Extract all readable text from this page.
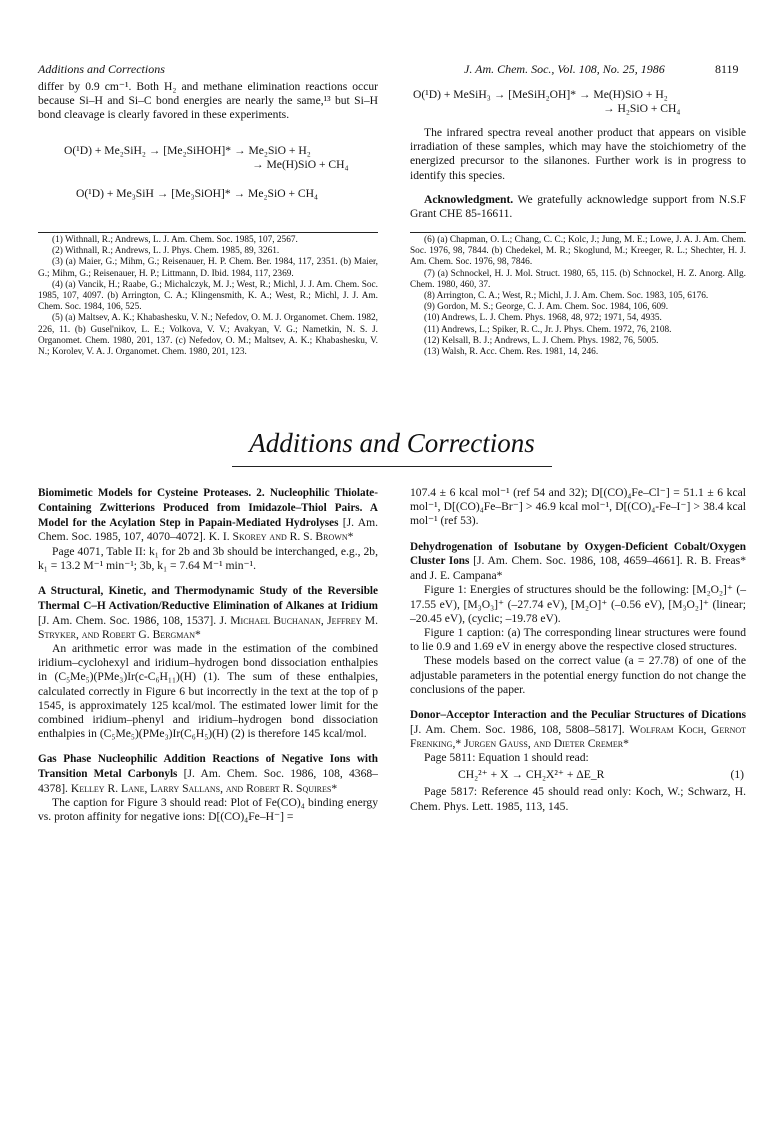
Additions and Corrections	J. Am. Chem. Soc., Vol. 108, No. 25, 1986	8119

differ by 0.9 cm⁻¹. Both H₂ and methane elimination reactions occur because Si–H and Si–C bond energies are nearly the same,¹³ but Si–H bond cleavage is clearly favored in these experiments.

O(¹D) + Me₂SiH₂ → [Me₂SiHOH]* → Me₂SiO + H₂
→ Me(H)SiO + CH₄
O(¹D) + Me₃SiH → [Me₃SiOH]* → Me₂SiO + CH₄
O(¹D) + MeSiH₃ → [MeSiH₂OH]* → Me(H)SiO + H₂
→ H₂SiO + CH₄

The infrared spectra reveal another product that appears on visible irradiation of these samples, which may have the stoichiometry of the energized precursor to the silanones. Further work is in progress to identify this species.

Acknowledgment. We gratefully acknowledge support from N.S.F Grant CHE 85-16611.

(1) Withnall, R.; Andrews, L. J. Am. Chem. Soc. 1985, 107, 2567.

(2) Withnall, R.; Andrews, L. J. Phys. Chem. 1985, 89, 3261.

(3) (a) Maier, G.; Mihm, G.; Reisenauer, H. P. Chem. Ber. 1984, 117, 2351. (b) Maier, G.; Mihm, G.; Reisenauer, H. P.; Littmann, D. Ibid. 1984, 117, 2369.

(4) (a) Vancik, H.; Raabe, G.; Michalczyk, M. J.; West, R.; Michl, J. J. Am. Chem. Soc. 1985, 107, 4097. (b) Arrington, C. A.; Klingensmith, K. A.; West, R.; Michl, J. J. Am. Chem. Soc. 1984, 106, 525.

(5) (a) Maltsev, A. K.; Khabashesku, V. N.; Nefedov, O. M. J. Organomet. Chem. 1982, 226, 11. (b) Gusel'nikov, L. E.; Volkova, V. V.; Avakyan, V. G.; Nametkin, N. S. J. Organomet. Chem. 1980, 201, 137. (c) Nefedov, O. M.; Maltsev, A. K.; Khabashesku, V. N.; Korolev, V. A. J. Organomet. Chem. 1980, 201, 123.

(6) (a) Chapman, O. L.; Chang, C. C.; Kolc, J.; Jung, M. E.; Lowe, J. A. J. Am. Chem. Soc. 1976, 98, 7844. (b) Chedekel, M. R.; Skoglund, M.; Kreeger, R. L.; Shechter, H. J. Am. Chem. Soc. 1976, 98, 7846.

(7) (a) Schnockel, H. J. Mol. Struct. 1980, 65, 115. (b) Schnockel, H. Z. Anorg. Allg. Chem. 1980, 460, 37.

(8) Arrington, C. A.; West, R.; Michl, J. J. Am. Chem. Soc. 1983, 105, 6176.

(9) Gordon, M. S.; George, C. J. Am. Chem. Soc. 1984, 106, 609.

(10) Andrews, L. J. Chem. Phys. 1968, 48, 972; 1971, 54, 4935.

(11) Andrews, L.; Spiker, R. C., Jr. J. Phys. Chem. 1972, 76, 2108.

(12) Kelsall, B. J.; Andrews, L. J. Chem. Phys. 1982, 76, 5005.

(13) Walsh, R. Acc. Chem. Res. 1981, 14, 246.

Additions and Corrections

Biomimetic Models for Cysteine Proteases. 2. Nucleophilic Thiolate-Containing Zwitterions Produced from Imidazole–Thiol Pairs. A Model for the Acylation Step in Papain-Mediated Hydrolyses [J. Am. Chem. Soc. 1985, 107, 4070–4072]. K. I. Skorey and R. S. Brown*

Page 4071, Table II: k₁ for 2b and 3b should be interchanged, e.g., 2b, k₁ = 13.2 M⁻¹ min⁻¹; 3b, k₁ = 7.64 M⁻¹ min⁻¹.

A Structural, Kinetic, and Thermodynamic Study of the Reversible Thermal C–H Activation/Reductive Elimination of Alkanes at Iridium [J. Am. Chem. Soc. 1986, 108, 1537]. J. Michael Buchanan, Jeffrey M. Stryker, and Robert G. Bergman*

An arithmetic error was made in the estimation of the combined iridium–cyclohexyl and iridium–hydrogen bond dissociation enthalpies in (C₅Me₅)(PMe₃)Ir(c-C₆H₁₁)(H) (1). The sum of these enthalpies, calculated correctly in Figure 6 but incorrectly in the text at the top of p 1545, is approximately 125 kcal/mol. The estimated lower limit for the combined iridium–phenyl and iridium–hydrogen bond dissociation enthalpies in (C₅Me₅)(PMe₃)Ir(C₆H₅)(H) (2) is therefore 145 kcal/mol.

Gas Phase Nucleophilic Addition Reactions of Negative Ions with Transition Metal Carbonyls [J. Am. Chem. Soc. 1986, 108, 4368–4378]. Kelley R. Lane, Larry Sallans, and Robert R. Squires*

The caption for Figure 3 should read: Plot of Fe(CO)₄ binding energy vs. proton affinity for negative ions: D[(CO)₄Fe–H⁻] =

107.4 ± 6 kcal mol⁻¹ (ref 54 and 32); D[(CO)₄Fe–Cl⁻] = 51.1 ± 6 kcal mol⁻¹, D[(CO)₄Fe–Br⁻] > 46.9 kcal mol⁻¹, D[(CO)₄-Fe–I⁻] > 38.4 kcal mol⁻¹ (ref 53).

Dehydrogenation of Isobutane by Oxygen-Deficient Cobalt/Oxygen Cluster Ions [J. Am. Chem. Soc. 1986, 108, 4659–4661]. R. B. Freas* and J. E. Campana*

Figure 1: Energies of structures should be the following: [M₂O₂]⁺ (–17.55 eV), [M₃O₃]⁺ (–27.74 eV), [M₂O]⁺ (–0.56 eV), [M₃O₂]⁺ (linear; –20.45 eV), (cyclic; –19.78 eV).

Figure 1 caption: (a) The corresponding linear structures were found to lie 0.9 and 1.69 eV in energy above the respective closed structures.

These models based on the correct value (a = 27.78) of one of the adjustable parameters in the potential energy function do not change the conclusions of the paper.

Donor–Acceptor Interaction and the Peculiar Structures of Dications [J. Am. Chem. Soc. 1986, 108, 5808–5817]. Wolfram Koch, Gernot Frenking,* Jurgen Gauss, and Dieter Cremer*

Page 5811: Equation 1 should read:

CH₂²⁺ + X → CH₂X²⁺ + ΔE_R	(1)

Page 5817: Reference 45 should read only: Koch, W.; Schwarz, H. Chem. Phys. Lett. 1985, 113, 145.
